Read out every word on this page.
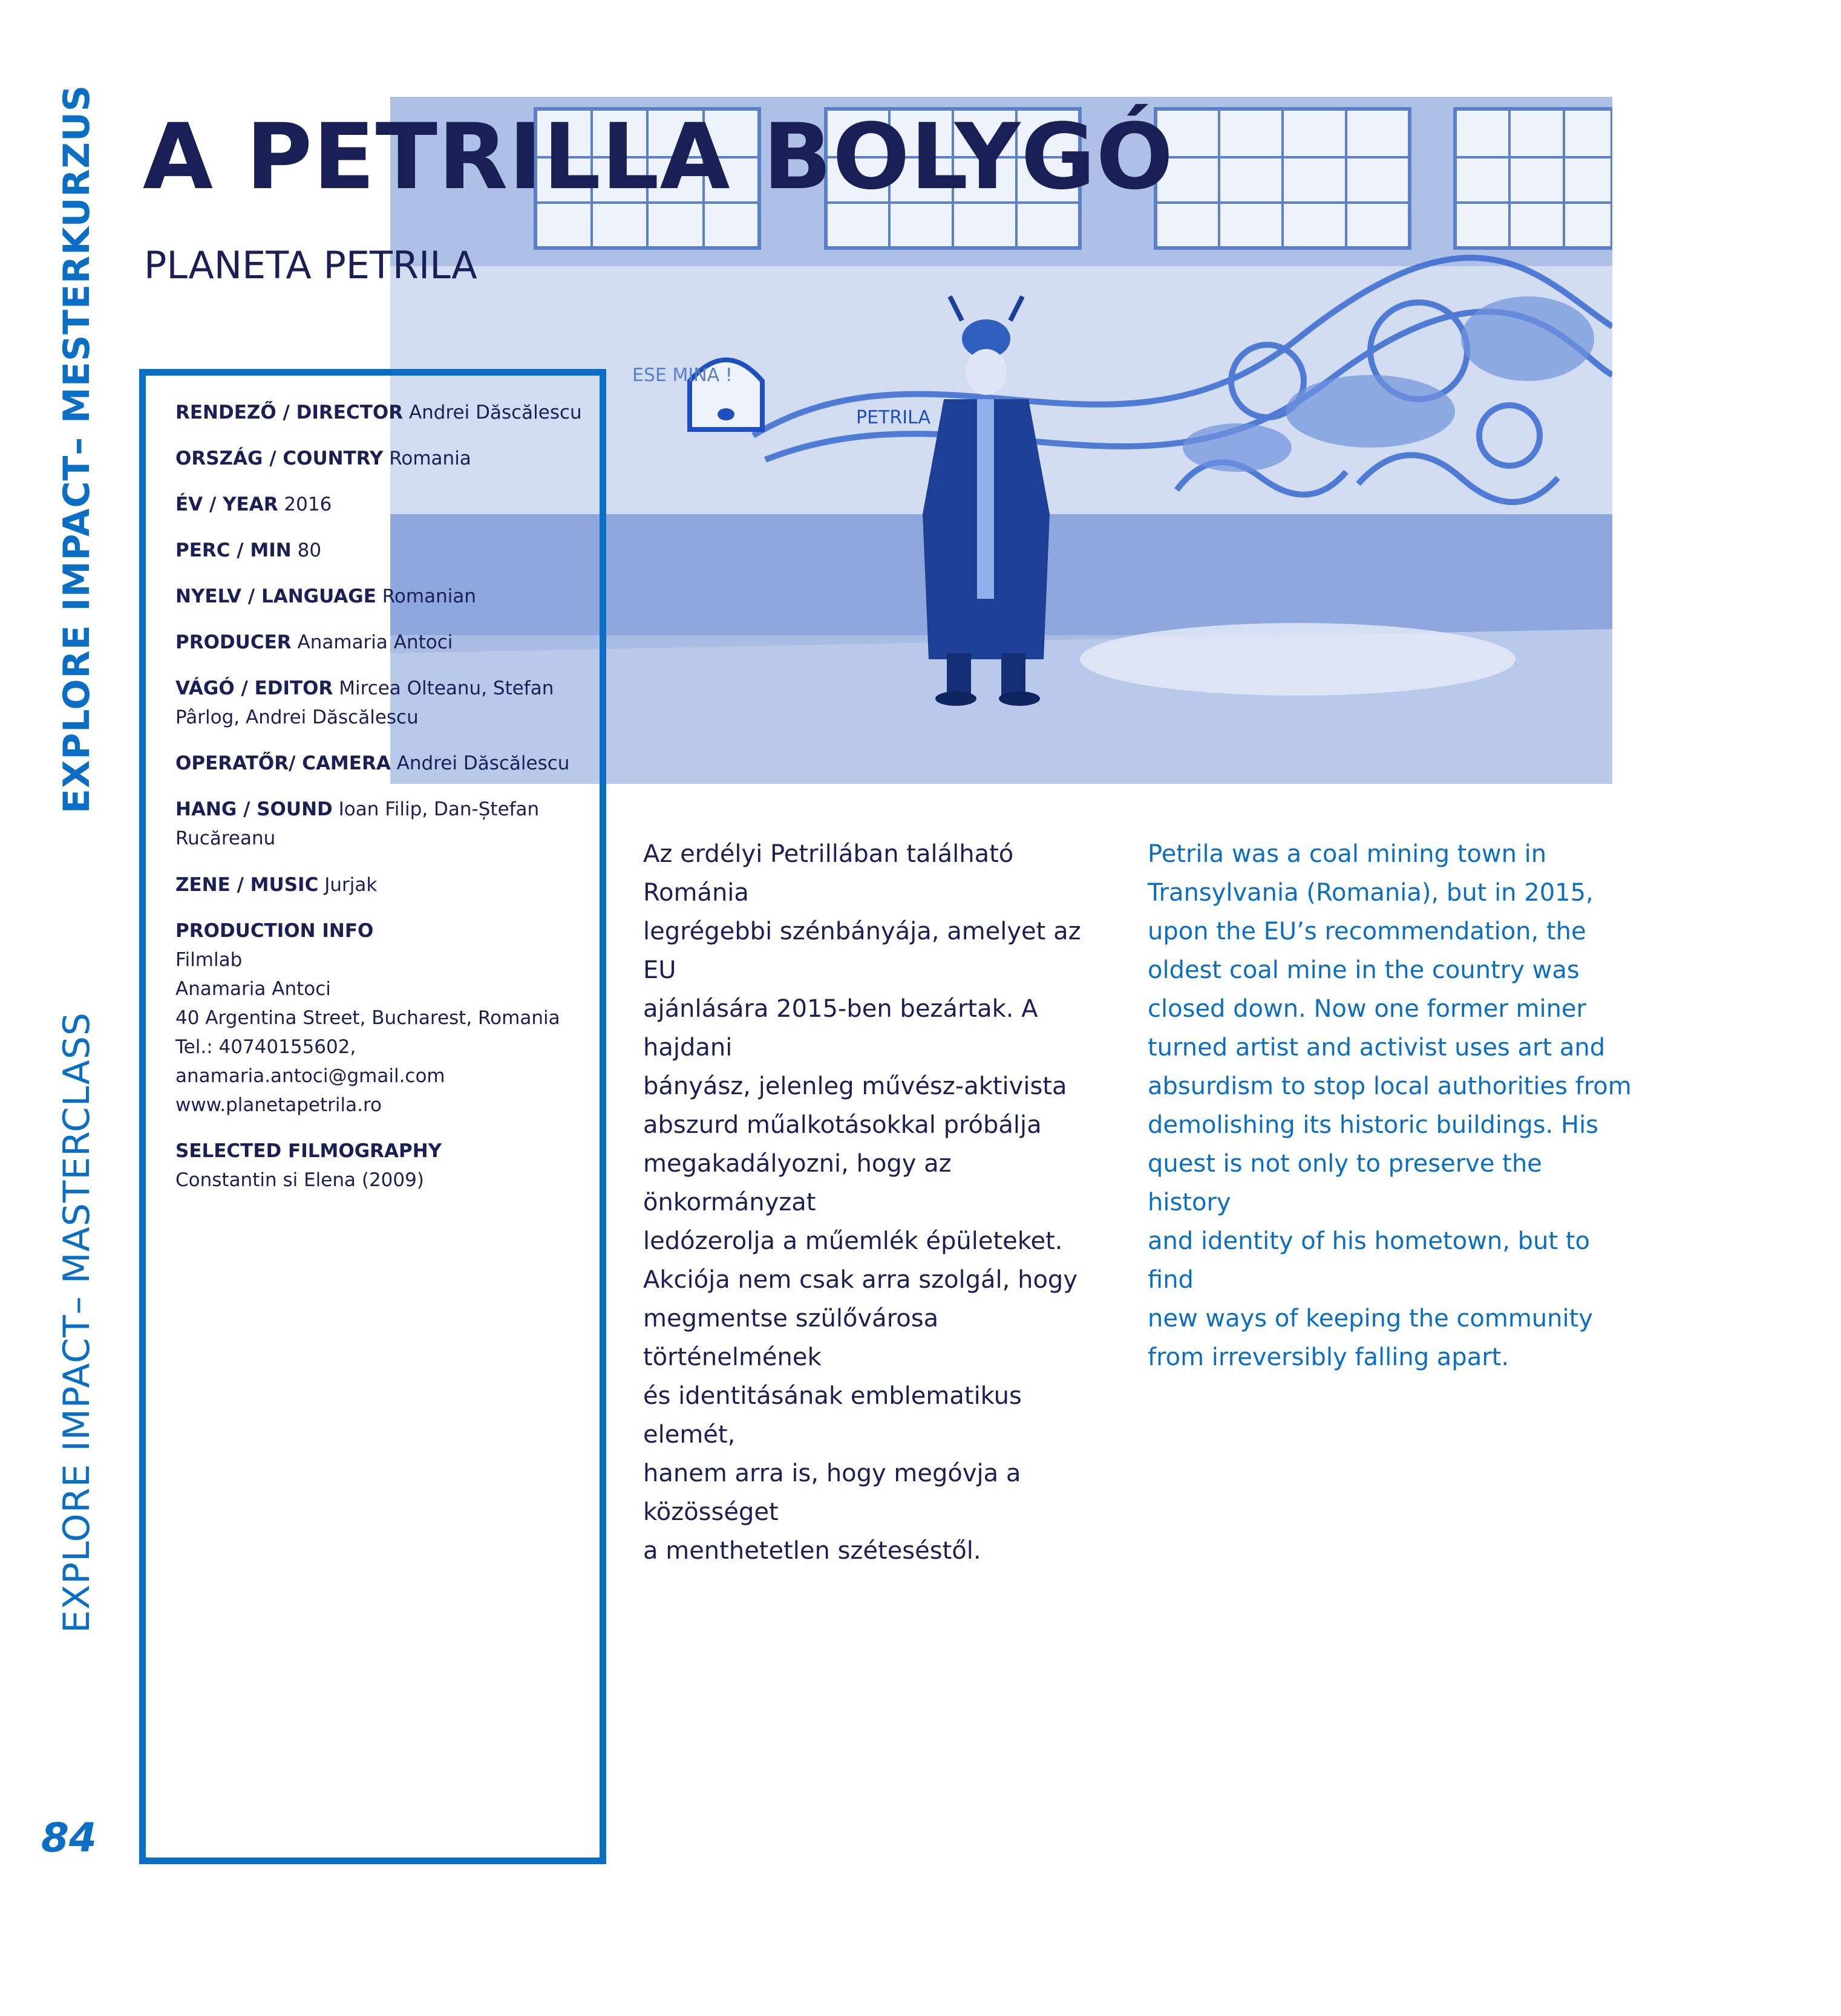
EXPLORE IMPACT– MESTERKURZUS
EXPLORE IMPACT– MASTERCLASS
84
ESE MINA !
PETRILA
A PETRILLA BOLYGÓ
PLANETA PETRILA
RENDEZŐ / DIRECTOR Andrei Dăscălescu
ORSZÁG / COUNTRY Romania
ÉV / YEAR 2016
PERC / MIN 80
NYELV / LANGUAGE Romanian
PRODUCER Anamaria Antoci
VÁGÓ / EDITOR Mircea Olteanu, Stefan Pârlog, Andrei Dăscălescu
OPERATŐR/ CAMERA Andrei Dăscălescu
HANG / SOUND Ioan Filip, Dan-Ștefan Rucăreanu
ZENE / MUSIC Jurjak
PRODUCTION INFO
Filmlab
Anamaria Antoci
40 Argentina Street, Bucharest, Romania
Tel.: 40740155602,
anamaria.antoci@gmail.com
www.planetapetrila.ro
SELECTED FILMOGRAPHY
Constantin si Elena (2009)
Az erdélyi Petrillában található Románia
legrégebbi szénbányája, amelyet az EU
ajánlására 2015-ben bezártak. A hajdani
bányász, jelenleg művész-aktivista
abszurd műalkotásokkal próbálja
megakadályozni, hogy az önkormányzat
ledózerolja a műemlék épületeket.
Akciója nem csak arra szolgál, hogy
megmentse szülővárosa történelmének
és identitásának emblematikus elemét,
hanem arra is, hogy megóvja a közösséget
a menthetetlen széteséstől.
Petrila was a coal mining town in
Transylvania (Romania), but in 2015,
upon the EU’s recommendation, the
oldest coal mine in the country was
closed down. Now one former miner
turned artist and activist uses art and
absurdism to stop local authorities from
demolishing its historic buildings. His
quest is not only to preserve the history
and identity of his hometown, but to find
new ways of keeping the community
from irreversibly falling apart.
